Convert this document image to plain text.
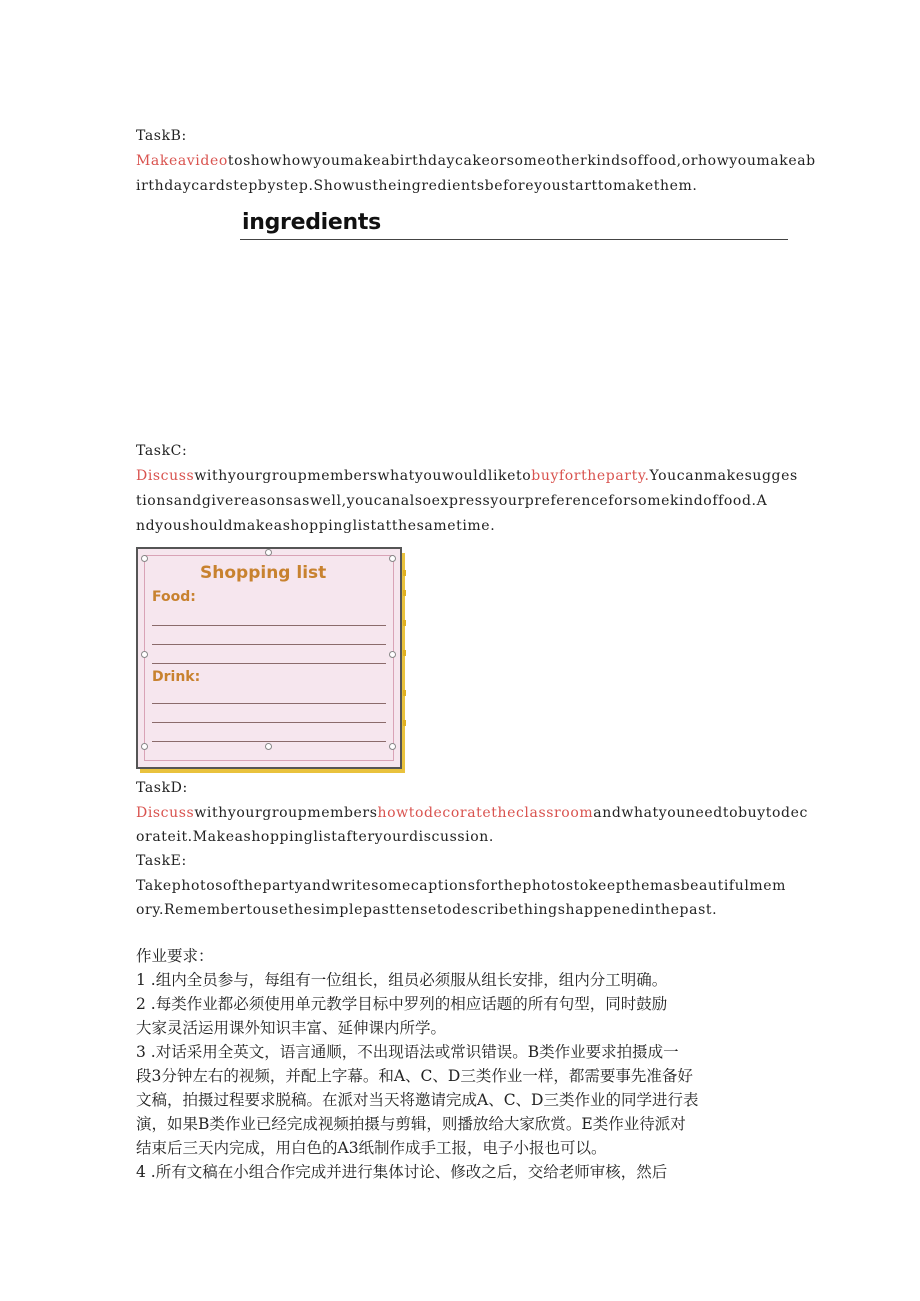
TaskB:
Makeavideotoshowhowyoumakeabirthdaycakeorsomeotherkindsoffood,orhowyoumakeab
irthdaycardstepbystep.Showustheingredientsbeforeyoustarttomakethem.
ingredients
TaskC:
Discusswithyourgroupmemberswhatyouwouldliketobuyfortheparty.Youcanmakesugges
tionsandgivereasonsaswell,youcanalsoexpressyourpreferenceforsomekindoffood.A
ndyoushouldmakeashoppinglistatthesametime.
Shopping list
Food:
Drink:
TaskD:
Discusswithyourgroupmembershowtodecoratetheclassroomandwhatyouneedtobuytodec
orateit.Makeashoppinglistafteryourdiscussion.
TaskE:
Takephotosofthepartyandwritesomecaptionsforthephotostokeepthemasbeautifulmem
ory.Remembertousethesimplepasttensetodescribethingshappenedinthepast.
作业要求：
1 .组内全员参与，每组有一位组长，组员必须服从组长安排，组内分工明确。
2 .每类作业都必须使用单元教学目标中罗列的相应话题的所有句型，同时鼓励
大家灵活运用课外知识丰富、延伸课内所学。
3 .对话采用全英文，语言通顺，不出现语法或常识错误。B类作业要求拍摄成一
段3分钟左右的视频，并配上字幕。和A、C、D三类作业一样，都需要事先准备好
文稿，拍摄过程要求脱稿。在派对当天将邀请完成A、C、D三类作业的同学进行表
演，如果B类作业已经完成视频拍摄与剪辑，则播放给大家欣赏。E类作业待派对
结束后三天内完成，用白色的A3纸制作成手工报，电子小报也可以。
4 .所有文稿在小组合作完成并进行集体讨论、修改之后，交给老师审核，然后
